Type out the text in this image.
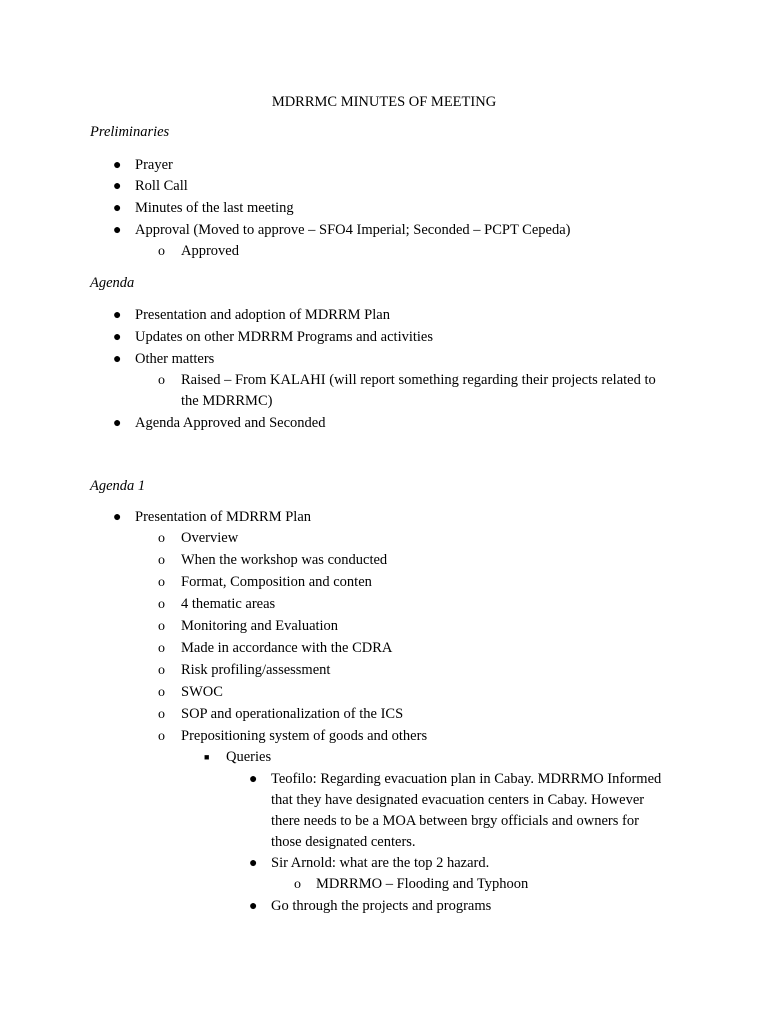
MDRRMC MINUTES OF MEETING
Preliminaries
● Prayer
● Roll Call
● Minutes of the last meeting
● Approval (Moved to approve – SFO4 Imperial; Seconded – PCPT Cepeda)
o Approved
Agenda
● Presentation and adoption of MDRRM Plan
● Updates on other MDRRM Programs and activities
● Other matters
o Raised – From KALAHI (will report something regarding their projects related to
the MDRRMC)
● Agenda Approved and Seconded
Agenda 1
● Presentation of MDRRM Plan
o Overview
o When the workshop was conducted
o Format, Composition and conten
o 4 thematic areas
o Monitoring and Evaluation
o Made in accordance with the CDRA
o Risk profiling/assessment
o SWOC
o SOP and operationalization of the ICS
o Prepositioning system of goods and others
■ Queries
● Teofilo: Regarding evacuation plan in Cabay. MDRRMO Informed
that they have designated evacuation centers in Cabay. However
there needs to be a MOA between brgy officials and owners for
those designated centers.
● Sir Arnold: what are the top 2 hazard.
o MDRRMO – Flooding and Typhoon
● Go through the projects and programs
